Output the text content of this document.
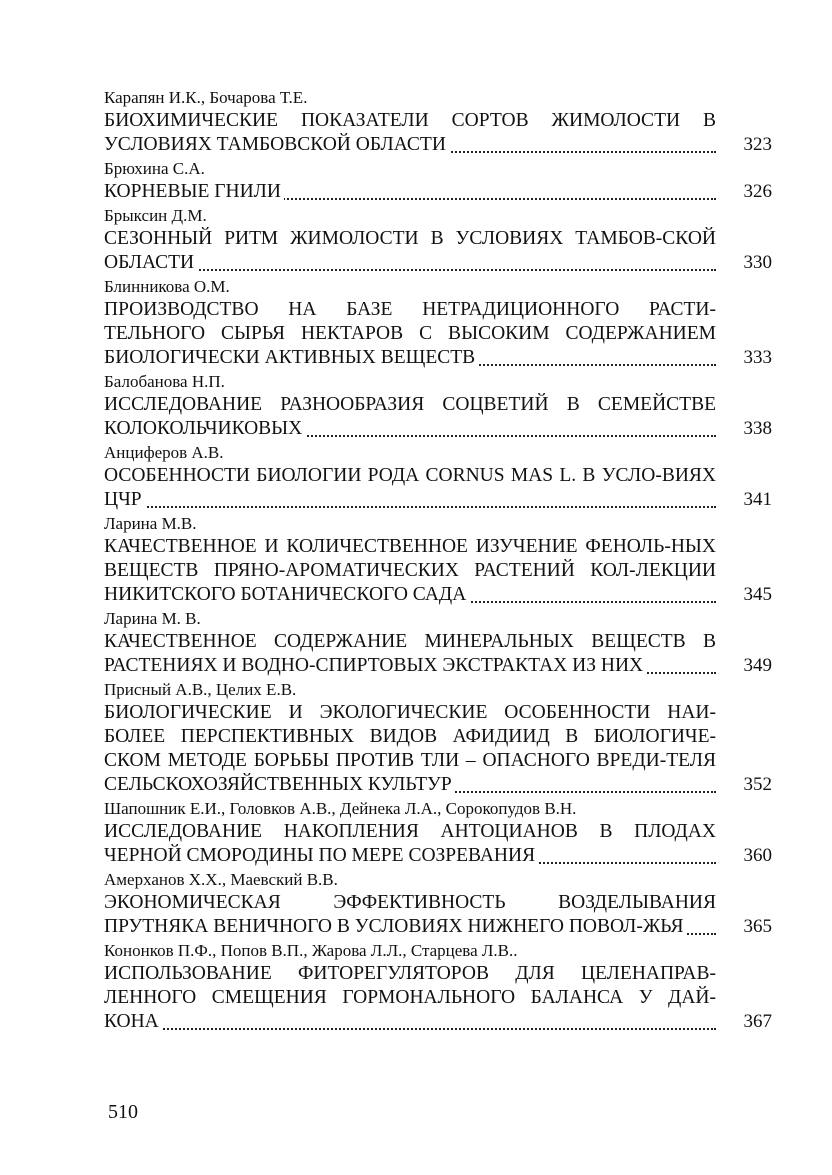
Карапян И.К., Бочарова Т.Е.
БИОХИМИЧЕСКИЕ ПОКАЗАТЕЛИ СОРТОВ ЖИМОЛОСТИ В УСЛОВИЯХ ТАМБОВСКОЙ ОБЛАСТИ	323
Брюхина С.А.
КОРНЕВЫЕ ГНИЛИ	326
Брыксин Д.М.
СЕЗОННЫЙ РИТМ ЖИМОЛОСТИ В УСЛОВИЯХ ТАМБОВ-СКОЙ ОБЛАСТИ	330
Блинникова О.М.
ПРОИЗВОДСТВО НА БАЗЕ НЕТРАДИЦИОННОГО РАСТИ-ТЕЛЬНОГО СЫРЬЯ НЕКТАРОВ С ВЫСОКИМ СОДЕРЖАНИЕМ БИОЛОГИЧЕСКИ АКТИВНЫХ ВЕЩЕСТВ	333
Балобанова Н.П.
ИССЛЕДОВАНИЕ РАЗНООБРАЗИЯ СОЦВЕТИЙ В СЕМЕЙСТВЕ КОЛОКОЛЬЧИКОВЫХ	338
Анциферов А.В.
ОСОБЕННОСТИ БИОЛОГИИ РОДА CORNUS MAS L. В УСЛО-ВИЯХ ЦЧР	341
Ларина М.В.
КАЧЕСТВЕННОЕ И КОЛИЧЕСТВЕННОЕ ИЗУЧЕНИЕ ФЕНОЛЬ-НЫХ ВЕЩЕСТВ ПРЯНО-АРОМАТИЧЕСКИХ РАСТЕНИЙ КОЛ-ЛЕКЦИИ НИКИТСКОГО БОТАНИЧЕСКОГО САДА	345
Ларина М. В.
КАЧЕСТВЕННОЕ СОДЕРЖАНИЕ МИНЕРАЛЬНЫХ ВЕЩЕСТВ В РАСТЕНИЯХ И ВОДНО-СПИРТОВЫХ ЭКСТРАКТАХ ИЗ НИХ	349
Присный А.В., Целих Е.В.
БИОЛОГИЧЕСКИЕ И ЭКОЛОГИЧЕСКИЕ ОСОБЕННОСТИ НАИ-БОЛЕЕ ПЕРСПЕКТИВНЫХ ВИДОВ АФИДИИД В БИОЛОГИЧЕ-СКОМ МЕТОДЕ БОРЬБЫ ПРОТИВ ТЛИ – ОПАСНОГО ВРЕДИ-ТЕЛЯ СЕЛЬСКОХОЗЯЙСТВЕННЫХ КУЛЬТУР	352
Шапошник Е.И., Головков А.В., Дейнека Л.А., Сорокопудов В.Н.
ИССЛЕДОВАНИЕ НАКОПЛЕНИЯ АНТОЦИАНОВ В ПЛОДАХ ЧЕРНОЙ СМОРОДИНЫ ПО МЕРЕ СОЗРЕВАНИЯ	360
Амерханов Х.Х., Маевский В.В.
ЭКОНОМИЧЕСКАЯ ЭФФЕКТИВНОСТЬ ВОЗДЕЛЫВАНИЯ ПРУТНЯКА ВЕНИЧНОГО В УСЛОВИЯХ НИЖНЕГО ПОВОЛ-ЖЬЯ	365
Кононков П.Ф., Попов В.П., Жарова Л.Л., Старцева Л.В..
ИСПОЛЬЗОВАНИЕ ФИТОРЕГУЛЯТОРОВ ДЛЯ ЦЕЛЕНАПРАВ-ЛЕННОГО СМЕЩЕНИЯ ГОРМОНАЛЬНОГО БАЛАНСА У ДАЙ-КОНА	367
510
